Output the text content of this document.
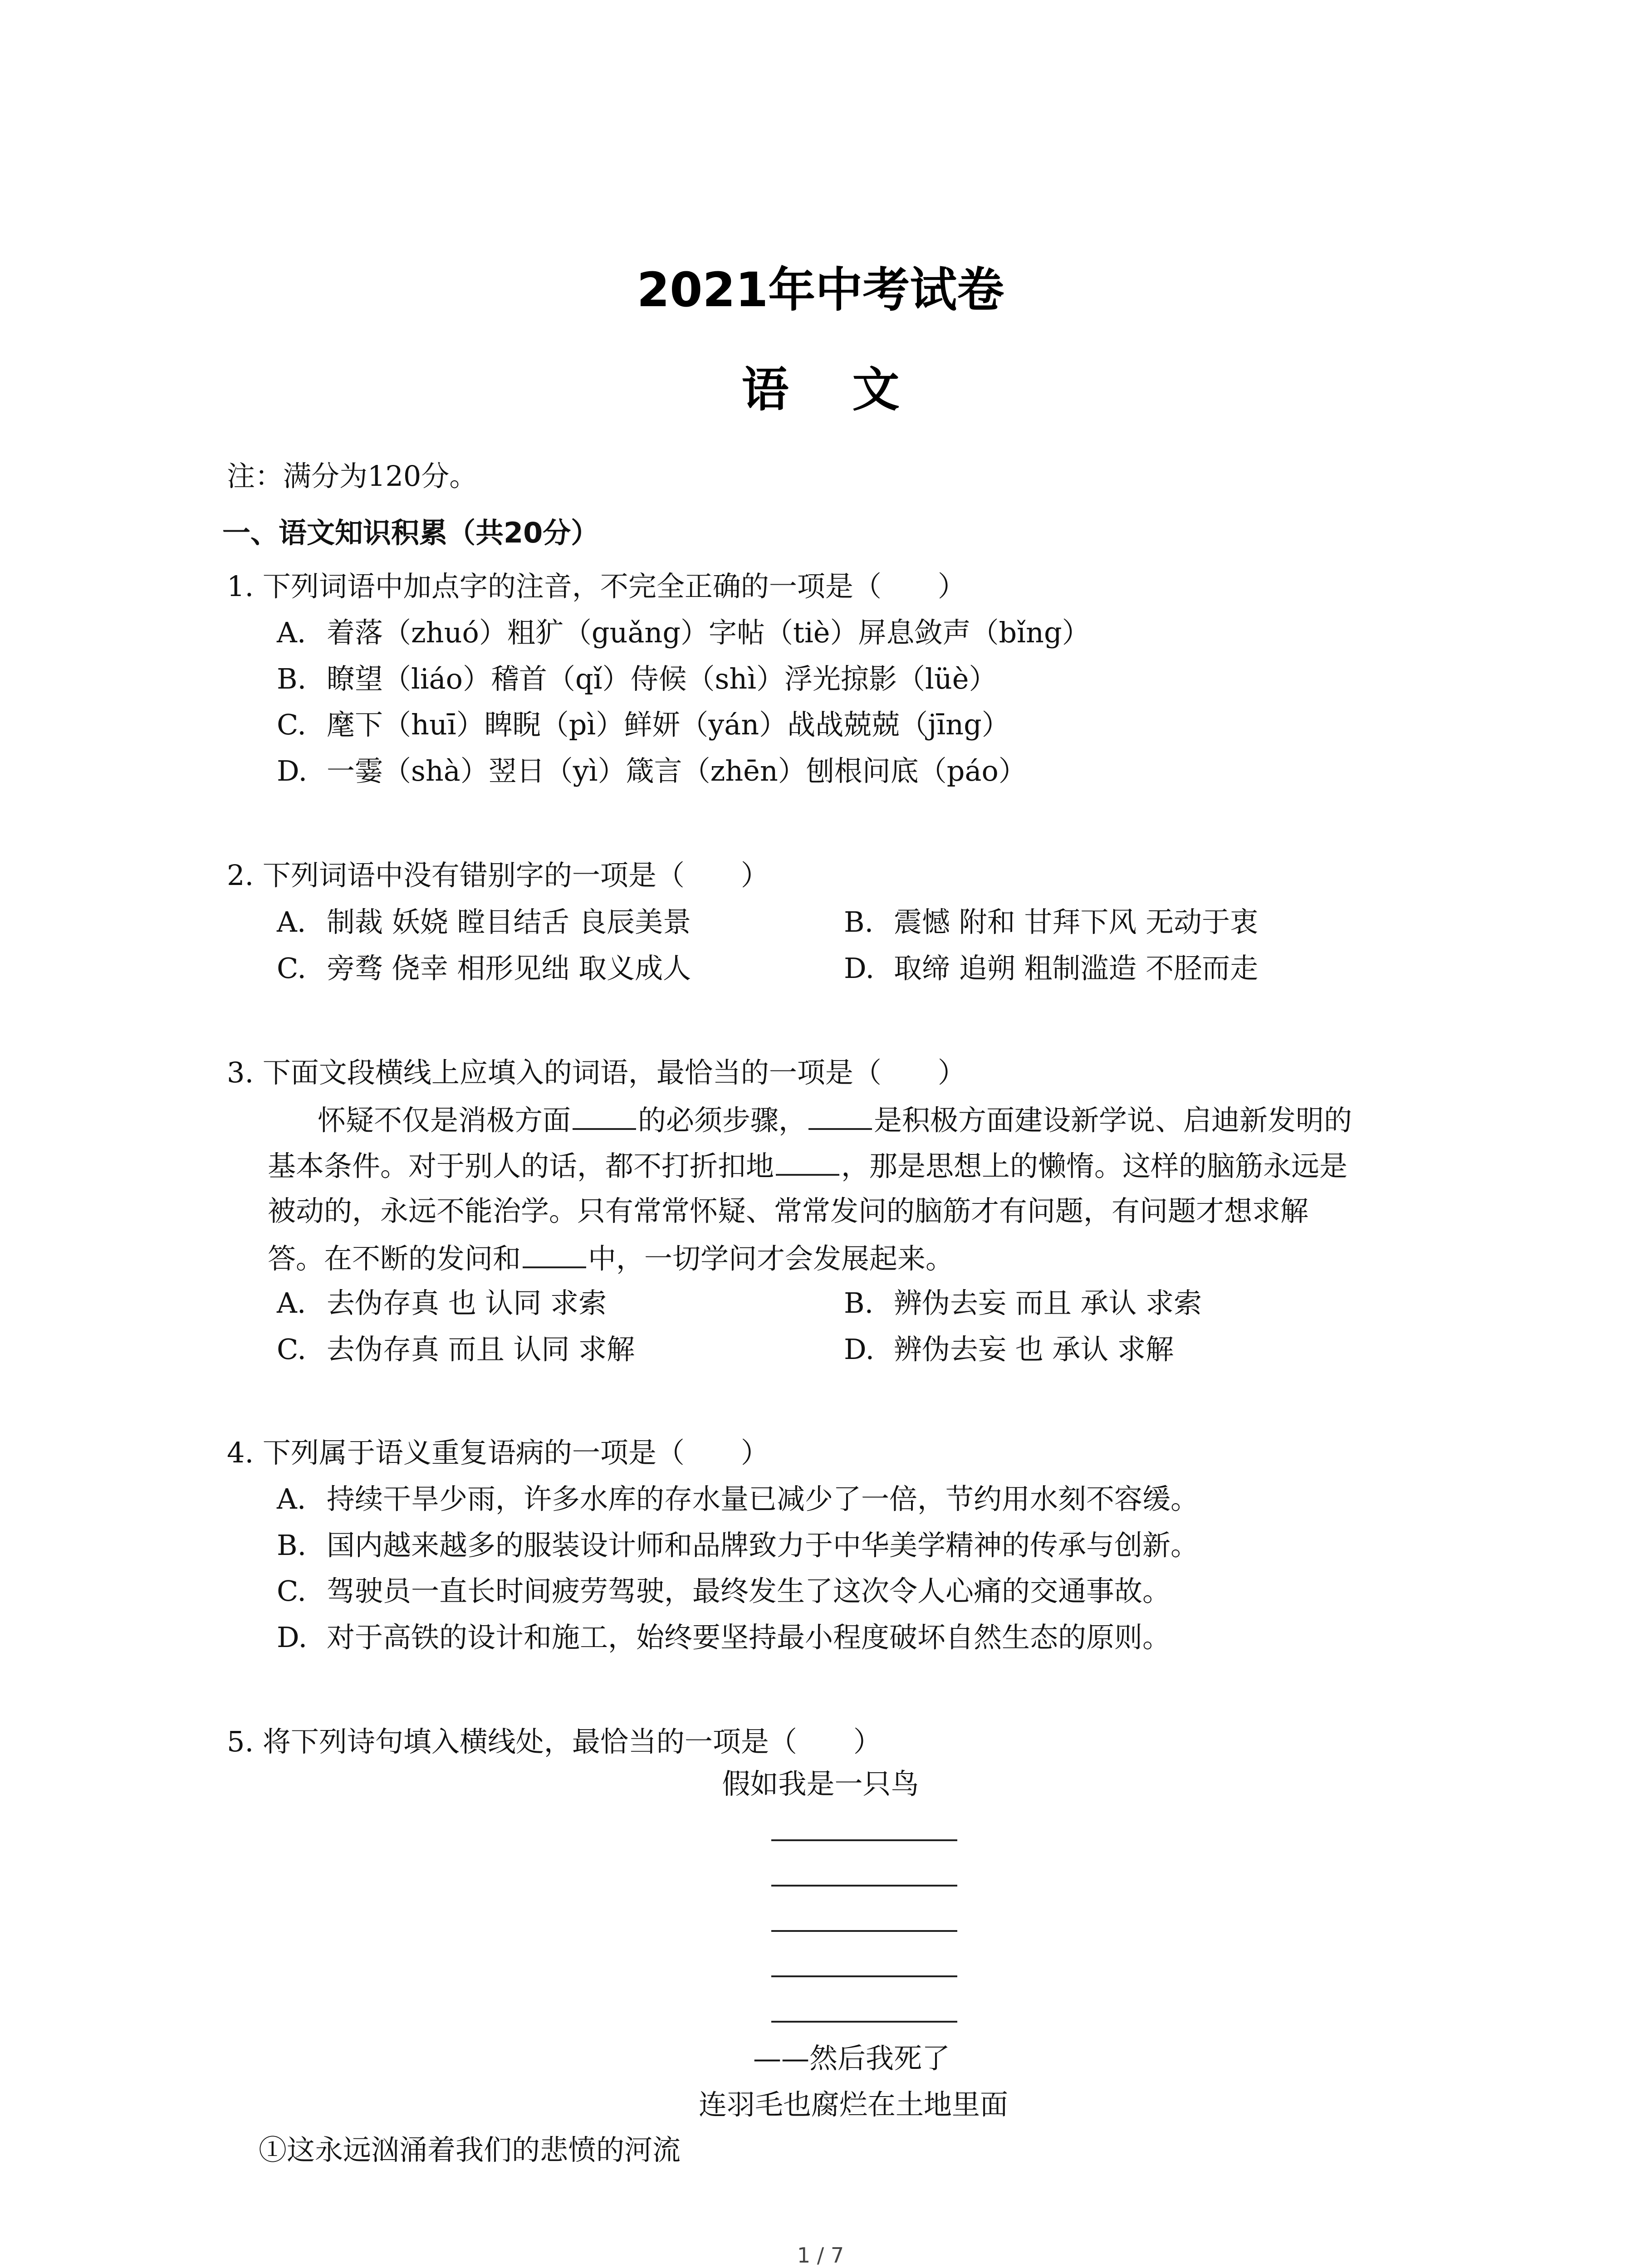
2021年中考试卷
语文
注：满分为120分。
一、语文知识积累（共20分）
1. 下列词语中加点字的注音，不完全正确的一项是（　　）
A. 着落（zhuó）粗犷（guǎng）字帖（tiè）屏息敛声（bǐng）
B. 瞭望（liáo）稽首（qǐ）侍候（shì）浮光掠影（lüè）
C. 麾下（huī）睥睨（pì）鲜妍（yán）战战兢兢（jīng）
D. 一霎（shà）翌日（yì）箴言（zhēn）刨根问底（páo）
2. 下列词语中没有错别字的一项是（　　）
A. 制裁 妖娆 瞠目结舌 良辰美景	B. 震憾 附和 甘拜下风 无动于衷
C. 旁骛 侥幸 相形见绌 取义成人	D. 取缔 追朔 粗制滥造 不胫而走
3. 下面文段横线上应填入的词语，最恰当的一项是（　　）
怀疑不仅是消极方面 的必须步骤， 是积极方面建设新学说、启迪新发明的
基本条件。对于别人的话，都不打折扣地 ，那是思想上的懒惰。这样的脑筋永远是
被动的，永远不能治学。只有常常怀疑、常常发问的脑筋才有问题，有问题才想求解
答。在不断的发问和 中，一切学问才会发展起来。
A. 去伪存真 也 认同 求索	B. 辨伪去妄 而且 承认 求索
C. 去伪存真 而且 认同 求解	D. 辨伪去妄 也 承认 求解
4. 下列属于语义重复语病的一项是（　　）
A. 持续干旱少雨，许多水库的存水量已减少了一倍，节约用水刻不容缓。
B. 国内越来越多的服装设计师和品牌致力于中华美学精神的传承与创新。
C. 驾驶员一直长时间疲劳驾驶，最终发生了这次令人心痛的交通事故。
D. 对于高铁的设计和施工，始终要坚持最小程度破坏自然生态的原则。
5. 将下列诗句填入横线处，最恰当的一项是（　　）
假如我是一只鸟
——然后我死了
连羽毛也腐烂在土地里面
①这永远汹涌着我们的悲愤的河流
1 / 7
